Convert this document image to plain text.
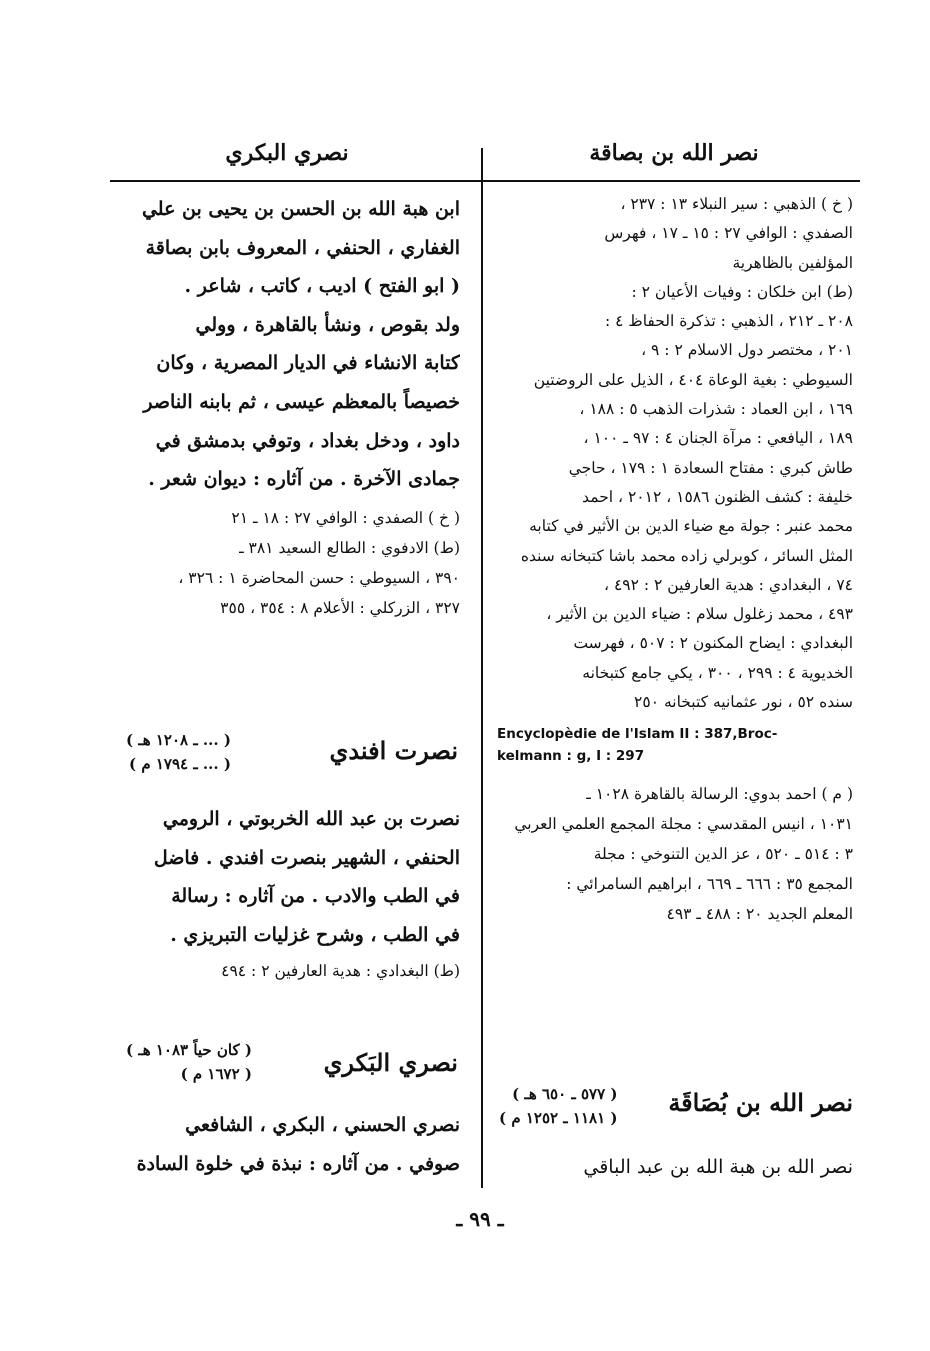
نصر الله بن بصاقة
نصري البكري
( خ ) الذهبي : سير النبلاء ١٣ : ٢٣٧ ،
الصفدي : الوافي ٢٧ : ١٥ ـ ١٧ ، فهرس
المؤلفين بالظاهرية
(ط) ابن خلكان : وفيات الأعيان ٢ :
٢٠٨ ـ ٢١٢ ، الذهبي : تذكرة الحفاظ ٤ :
٢٠١ ، مختصر دول الاسلام ٢ : ٩ ،
السيوطي : بغية الوعاة ٤٠٤ ، الذيل على الروضتين
١٦٩ ، ابن العماد : شذرات الذهب ٥ : ١٨٨ ،
١٨٩ ، اليافعي : مرآة الجنان ٤ : ٩٧ ـ ١٠٠ ،
طاش كبري : مفتاح السعادة ١ : ١٧٩ ، حاجي
خليفة : كشف الظنون ١٥٨٦ ، ٢٠١٢ ، احمد
محمد عنبر : جولة مع ضياء الدين بن الأثير في كتابه
المثل السائر ، كوبرلي زاده محمد باشا كتبخانه سنده
٧٤ ، البغدادي : هدية العارفين ٢ : ٤٩٢ ،
٤٩٣ ، محمد زغلول سلام : ضياء الدين بن الأثير ،
البغدادي : ايضاح المكنون ٢ : ٥٠٧ ، فهرست
الخديوية ٤ : ٢٩٩ ، ٣٠٠ ، يكي جامع كتبخانه
سنده ٥٢ ، نور عثمانيه كتبخانه ٢٥٠
Encyclopèdie de l'Islam II : 387,Broc-
kelmann : g, I : 297
( م ) احمد بدوي: الرسالة بالقاهرة ١٠٢٨ ـ
١٠٣١ ، انيس المقدسي : مجلة المجمع العلمي العربي
٣ : ٥١٤ ـ ٥٢٠ ، عز الدين التنوخي : مجلة
المجمع ٣٥ : ٦٦٦ ـ ٦٦٩ ، ابراهيم السامرائي :
المعلم الجديد ٢٠ : ٤٨٨ ـ ٤٩٣
نصر الله بن بُصَاقَة
( ٥٧٧ ـ ٦٥٠ هـ )
( ١١٨١ ـ ١٢٥٢ م )
نصر الله بن هبة الله بن عبد الباقي
ابن هبة الله بن الحسن بن يحيى بن علي
الغفاري ، الحنفي ، المعروف بابن بصاقة
( ابو الفتح ) اديب ، كاتب ، شاعر .
ولد بقوص ، ونشأ بالقاهرة ، وولي
كتابة الانشاء في الديار المصرية ، وكان
خصيصاً بالمعظم عيسى ، ثم بابنه الناصر
داود ، ودخل بغداد ، وتوفي بدمشق في
جمادى الآخرة . من آثاره : ديوان شعر .
( خ ) الصفدي : الوافي ٢٧ : ١٨ ـ ٢١
(ط) الادفوي : الطالع السعيد ٣٨١ ـ
٣٩٠ ، السيوطي : حسن المحاضرة ١ : ٣٢٦ ،
٣٢٧ ، الزركلي : الأعلام ٨ : ٣٥٤ ، ٣٥٥
نصرت افندي
( ... ـ ١٢٠٨ هـ )
( ... ـ ١٧٩٤ م )
نصرت بن عبد الله الخربوتي ، الرومي
الحنفي ، الشهير بنصرت افندي . فاضل
في الطب والادب . من آثاره : رسالة
في الطب ، وشرح غزليات التبريزي .
(ط) البغدادي : هدية العارفين ٢ : ٤٩٤
نصري البَكري
( كان حياً ١٠٨٣ هـ )
( ١٦٧٢ م )
نصري الحسني ، البكري ، الشافعي
صوفي . من آثاره : نبذة في خلوة السادة
ـ ٩٩ ـ
